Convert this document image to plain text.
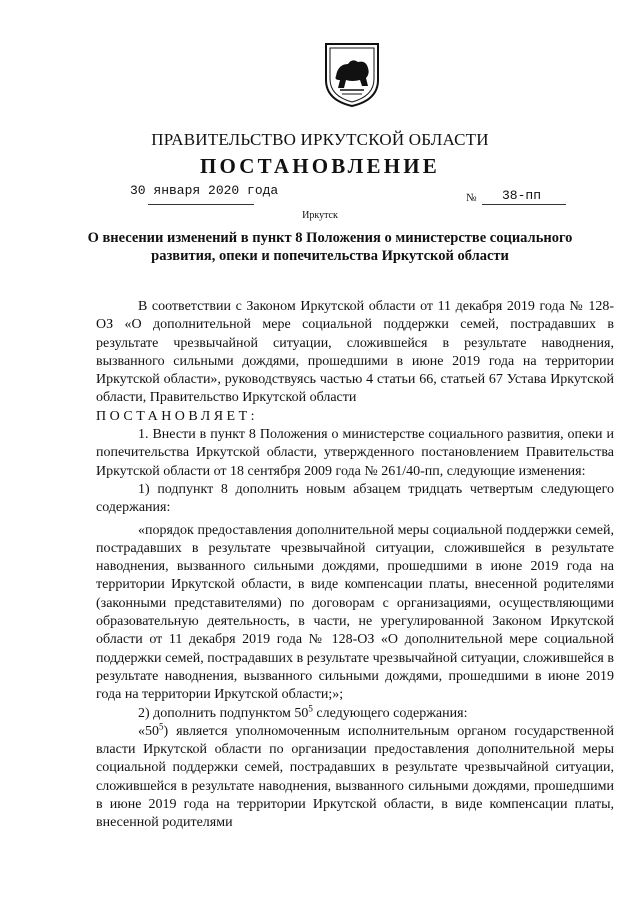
ПРАВИТЕЛЬСТВО ИРКУТСКОЙ ОБЛАСТИ
ПОСТАНОВЛЕНИЕ
30 января 2020 года	№ 38-пп
Иркутск
О внесении изменений в пункт 8 Положения о министерстве социального развития, опеки и попечительства Иркутской области

В соответствии с Законом Иркутской области от 11 декабря 2019 года № 128-ОЗ «О дополнительной мере социальной поддержки семей, пострадавших в результате чрезвычайной ситуации, сложившейся в результате наводнения, вызванного сильными дождями, прошедшими в июне 2019 года на территории Иркутской области», руководствуясь частью 4 статьи 66, статьей 67 Устава Иркутской области, Правительство Иркутской области

ПОСТАНОВЛЯЕТ:

1. Внести в пункт 8 Положения о министерстве социального развития, опеки и попечительства Иркутской области, утвержденного постановлением Правительства Иркутской области от 18 сентября 2009 года № 261/40-пп, следующие изменения:

1) подпункт 8 дополнить новым абзацем тридцать четвертым следующего содержания:

«порядок предоставления дополнительной меры социальной поддержки семей, пострадавших в результате чрезвычайной ситуации, сложившейся в результате наводнения, вызванного сильными дождями, прошедшими в июне 2019 года на территории Иркутской области, в виде компенсации платы, внесенной родителями (законными представителями) по договорам с организациями, осуществляющими образовательную деятельность, в части, не урегулированной Законом Иркутской области от 11 декабря 2019 года № 128-ОЗ «О дополнительной мере социальной поддержки семей, пострадавших в результате чрезвычайной ситуации, сложившейся в результате наводнения, вызванного сильными дождями, прошедшими в июне 2019 года на территории Иркутской области;»;

2) дополнить подпунктом $50^5$ следующего содержания:

«$50^5$) является уполномоченным исполнительным органом государственной власти Иркутской области по организации предоставления дополнительной меры социальной поддержки семей, пострадавших в результате чрезвычайной ситуации, сложившейся в результате наводнения, вызванного сильными дождями, прошедшими в июне 2019 года на территории Иркутской области, в виде компенсации платы, внесенной родителями
